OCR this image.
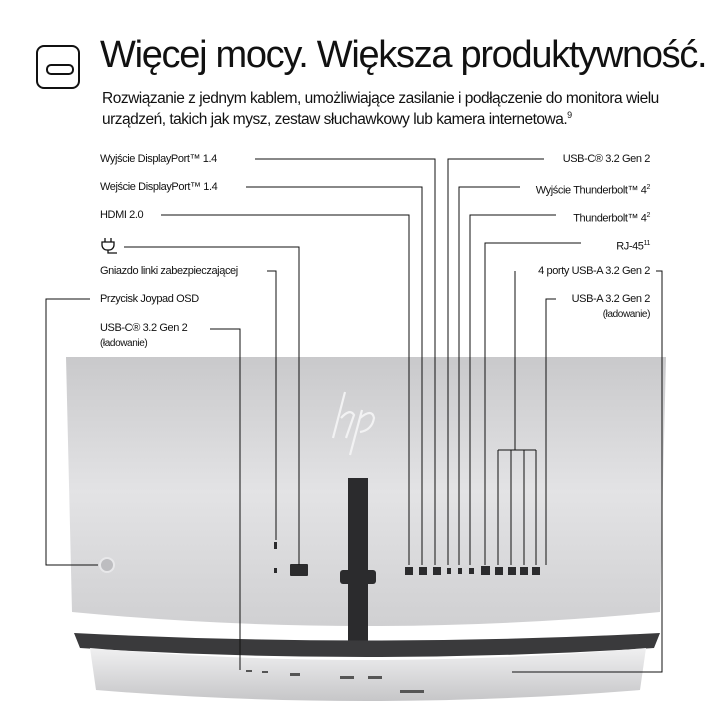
Więcej mocy. Większa produktywność.

Rozwiązanie z jednym kablem, umożliwiające zasilanie i podłączenie do monitora wielu urządzeń, takich jak mysz, zestaw słuchawkowy lub kamera internetowa.$^9$

Wyjście DisplayPort™ 1.4
Wejście DisplayPort™ 1.4
HDMI 2.0
Gniazdo linki zabezpieczającej
Przycisk Joypad OSD
USB-C® 3.2 Gen 2
(ładowanie)
USB-C® 3.2 Gen 2
Wyjście Thunderbolt™ $4^2$
Thunderbolt™ $4^2$
$RJ-45^{11}$
4 porty USB-A 3.2 Gen 2
USB-A 3.2 Gen 2
(ładowanie)
